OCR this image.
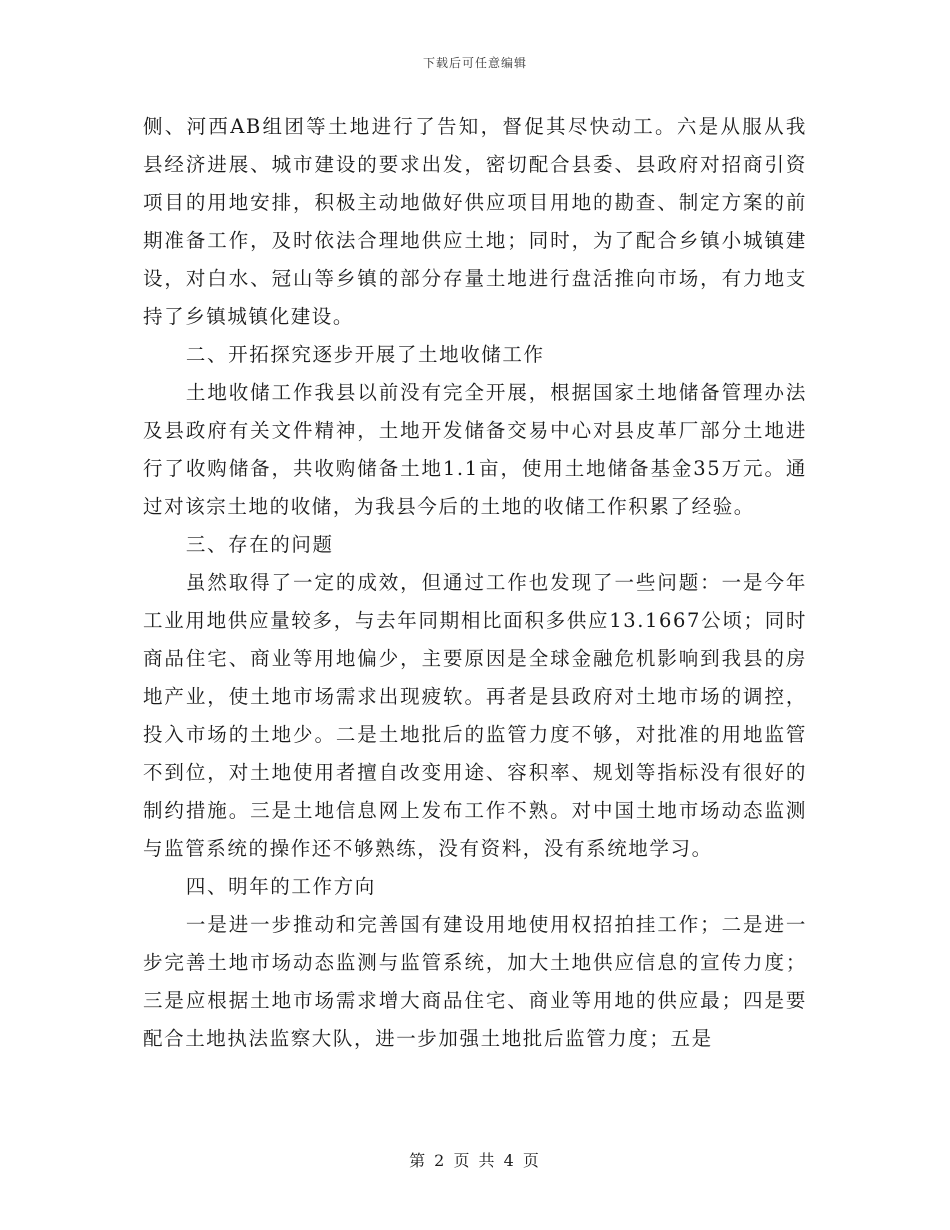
下载后可任意编辑

侧、河西AB组团等土地进行了告知，督促其尽快动工。六是从服从我县经济进展、城市建设的要求出发，密切配合县委、县政府对招商引资项目的用地安排，积极主动地做好供应项目用地的勘查、制定方案的前期准备工作，及时依法合理地供应土地；同时，为了配合乡镇小城镇建设，对白水、冠山等乡镇的部分存量土地进行盘活推向市场，有力地支持了乡镇城镇化建设。

二、开拓探究逐步开展了土地收储工作

土地收储工作我县以前没有完全开展，根据国家土地储备管理办法及县政府有关文件精神，土地开发储备交易中心对县皮革厂部分土地进行了收购储备，共收购储备土地1.1亩，使用土地储备基金35万元。通过对该宗土地的收储，为我县今后的土地的收储工作积累了经验。

三、存在的问题

虽然取得了一定的成效，但通过工作也发现了一些问题：一是今年工业用地供应量较多，与去年同期相比面积多供应13.1667公顷；同时商品住宅、商业等用地偏少，主要原因是全球金融危机影响到我县的房地产业，使土地市场需求出现疲软。再者是县政府对土地市场的调控，投入市场的土地少。二是土地批后的监管力度不够，对批准的用地监管不到位，对土地使用者擅自改变用途、容积率、规划等指标没有很好的制约措施。三是土地信息网上发布工作不熟。对中国土地市场动态监测与监管系统的操作还不够熟练，没有资料，没有系统地学习。

四、明年的工作方向

一是进一步推动和完善国有建设用地使用权招拍挂工作；二是进一步完善土地市场动态监测与监管系统，加大土地供应信息的宣传力度；三是应根据土地市场需求增大商品住宅、商业等用地的供应最；四是要配合土地执法监察大队，进一步加强土地批后监管力度；五是

第 2 页 共 4 页
